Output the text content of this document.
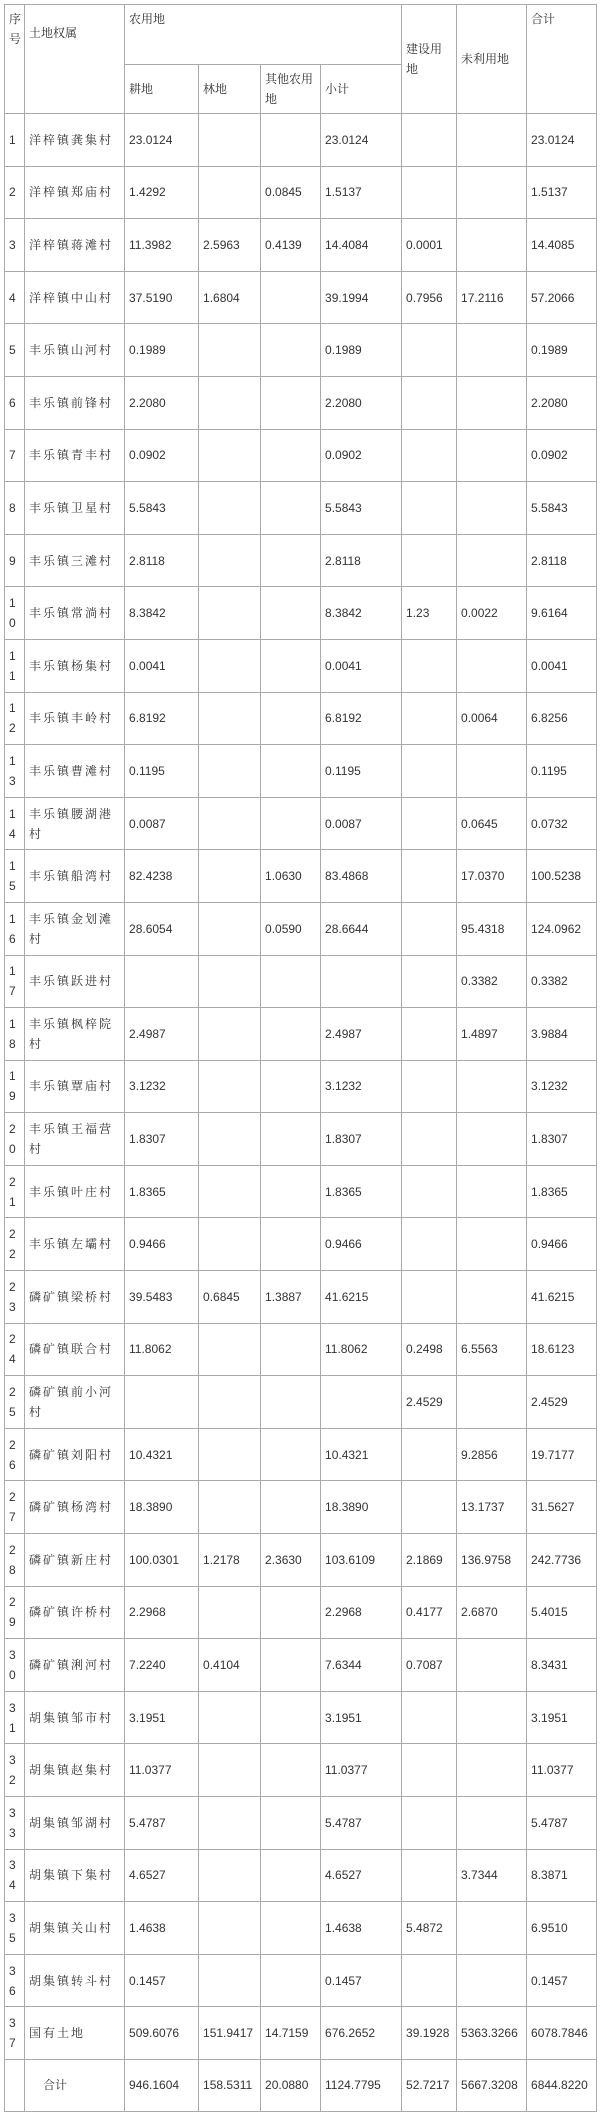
序号	土地权属	农用地				建设用地	未利用地	合计
		耕地	林地	其他农用地	小计			
1	洋梓镇龚集村	23.0124			23.0124			23.0124
2	洋梓镇郑庙村	1.4292		0.0845	1.5137			1.5137
3	洋梓镇蒋滩村	11.3982	2.5963	0.4139	14.4084	0.0001		14.4085
4	洋梓镇中山村	37.5190	1.6804		39.1994	0.7956	17.2116	57.2066
5	丰乐镇山河村	0.1989			0.1989			0.1989
6	丰乐镇前锋村	2.2080			2.2080			2.2080
7	丰乐镇青丰村	0.0902			0.0902			0.0902
8	丰乐镇卫星村	5.5843			5.5843			5.5843
9	丰乐镇三滩村	2.8118			2.8118			2.8118
10	丰乐镇常淌村	8.3842			8.3842	1.23	0.0022	9.6164
11	丰乐镇杨集村	0.0041			0.0041			0.0041
12	丰乐镇丰岭村	6.8192			6.8192		0.0064	6.8256
13	丰乐镇曹滩村	0.1195			0.1195			0.1195
14	丰乐镇腰湖港村	0.0087			0.0087		0.0645	0.0732
15	丰乐镇船湾村	82.4238		1.0630	83.4868		17.0370	100.5238
16	丰乐镇金划滩村	28.6054		0.0590	28.6644		95.4318	124.0962
17	丰乐镇跃进村						0.3382	0.3382
18	丰乐镇枫梓院村	2.4987			2.4987		1.4897	3.9884
19	丰乐镇覃庙村	3.1232			3.1232			3.1232
20	丰乐镇王福营村	1.8307			1.8307			1.8307
21	丰乐镇叶庄村	1.8365			1.8365			1.8365
22	丰乐镇左壩村	0.9466			0.9466			0.9466
23	磷矿镇梁桥村	39.5483	0.6845	1.3887	41.6215			41.6215
24	磷矿镇联合村	11.8062			11.8062	0.2498	6.5563	18.6123
25	磷矿镇前小河村					2.4529		2.4529
26	磷矿镇刘阳村	10.4321			10.4321		9.2856	19.7177
27	磷矿镇杨湾村	18.3890			18.3890		13.1737	31.5627
28	磷矿镇新庄村	100.0301	1.2178	2.3630	103.6109	2.1869	136.9758	242.7736
29	磷矿镇许桥村	2.2968			2.2968	0.4177	2.6870	5.4015
30	磷矿镇浰河村	7.2240	0.4104		7.6344	0.7087		8.3431
31	胡集镇邹市村	3.1951			3.1951			3.1951
32	胡集镇赵集村	11.0377			11.0377			11.0377
33	胡集镇邹湖村	5.4787			5.4787			5.4787
34	胡集镇下集村	4.6527			4.6527		3.7344	8.3871
35	胡集镇关山村	1.4638			1.4638	5.4872		6.9510
36	胡集镇转斗村	0.1457			0.1457			0.1457
37	国有土地	509.6076	151.9417	14.7159	676.2652	39.1928	5363.3266	6078.7846
	合计	946.1604	158.5311	20.0880	1124.7795	52.7217	5667.3208	6844.8220
